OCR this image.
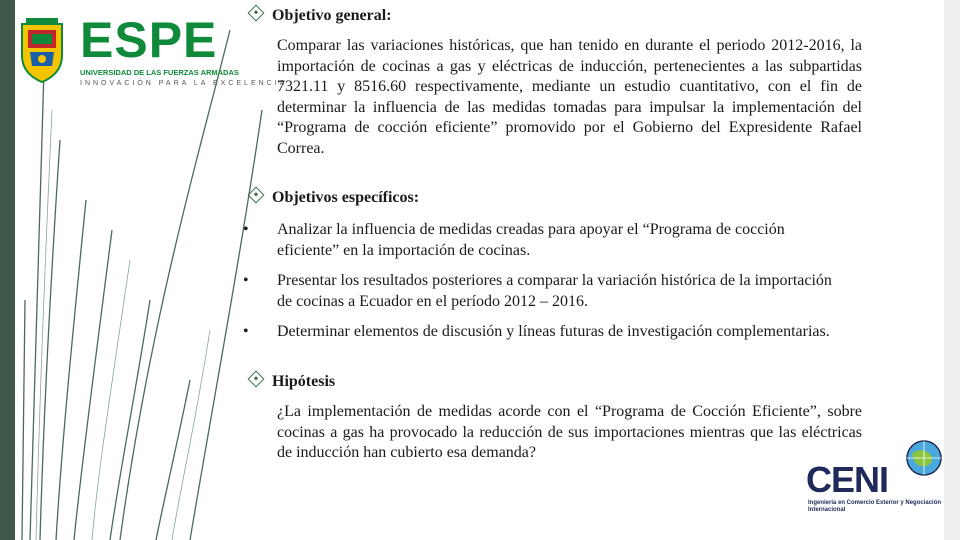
ESPE
UNIVERSIDAD DE LAS FUERZAS ARMADAS
INNOVACIÓN PARA LA EXCELENCIA
Objetivo general:
Comparar las variaciones históricas, que han tenido en durante el periodo 2012-2016, la importación de cocinas a gas y eléctricas de inducción, pertenecientes a las subpartidas 7321.11 y 8516.60 respectivamente, mediante un estudio cuantitativo, con el fin de determinar la influencia de las medidas tomadas para impulsar la implementación del “Programa de cocción eficiente” promovido por el Gobierno del Expresidente Rafael Correa.
Objetivos específicos:
•	Analizar la influencia de medidas creadas para apoyar el “Programa de cocción eficiente” en la importación de cocinas.
•	Presentar los resultados posteriores a comparar la variación histórica de la importación de cocinas a Ecuador en el período 2012 – 2016.
•	Determinar elementos de discusión y líneas futuras de investigación complementarias.
Hipótesis
¿La implementación de medidas acorde con el “Programa de Cocción Eficiente”, sobre cocinas a gas ha provocado la reducción de sus importaciones mientras que las eléctricas de inducción han cubierto esa demanda?
CENI
Ingeniería en Comercio Exterior y Negociación Internacional
